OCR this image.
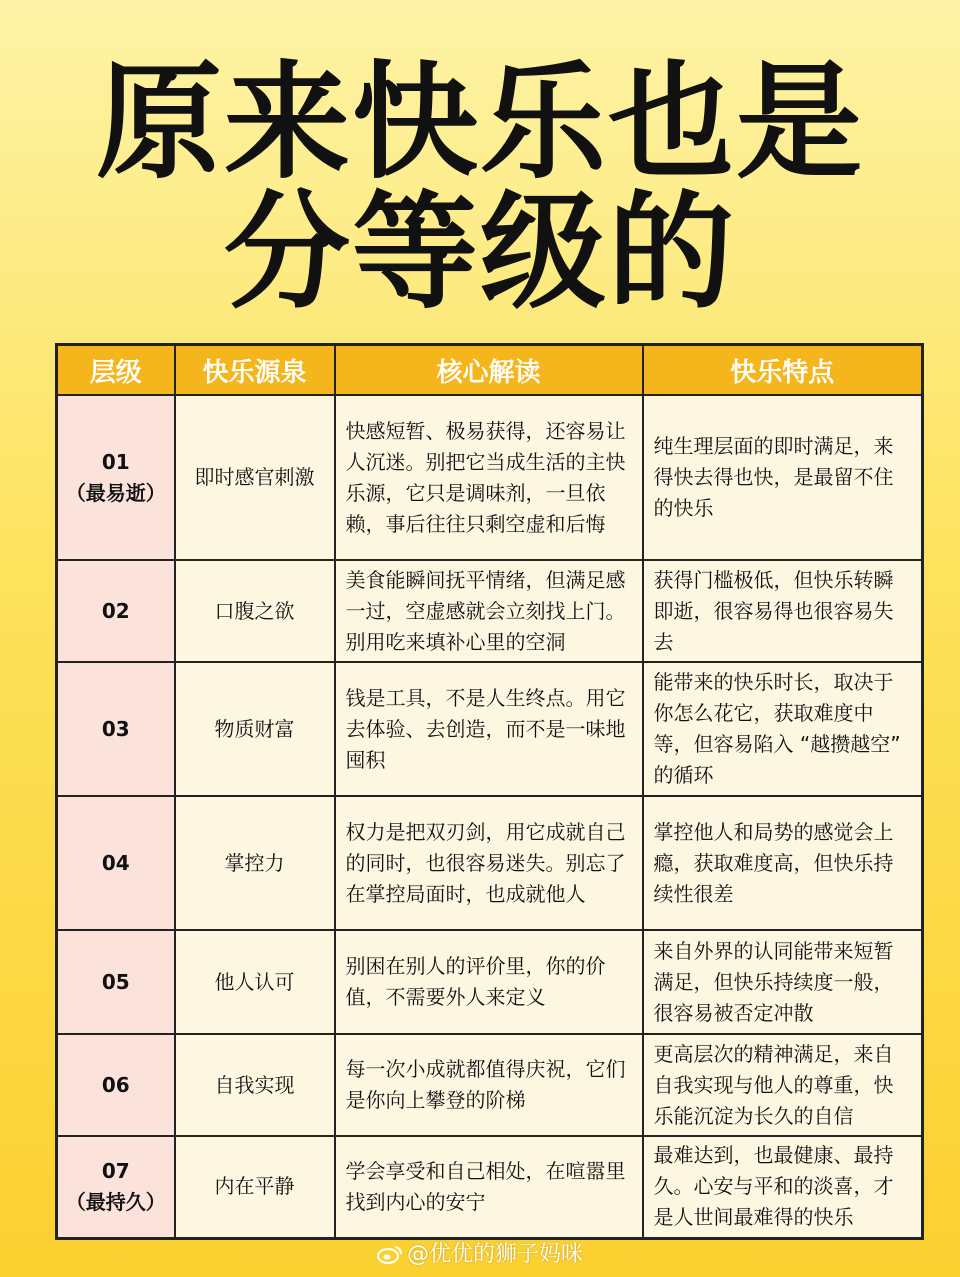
原来快乐也是
分等级的
层级	快乐源泉	核心解读	快乐特点

01
（最易逝）	即时感官刺激	快感短暂、极易获得，还容易让人沉迷。别把它当成生活的主快乐源，它只是调味剂，一旦依赖，事后往往只剩空虚和后悔	纯生理层面的即时满足，来得快去得也快，是最留不住的快乐

02	口腹之欲	美食能瞬间抚平情绪，但满足感一过，空虚感就会立刻找上门。别用吃来填补心里的空洞	获得门槛极低，但快乐转瞬即逝，很容易得也很容易失去

03	物质财富	钱是工具，不是人生终点。用它去体验、去创造，而不是一味地囤积	能带来的快乐时长，取决于你怎么花它，获取难度中等，但容易陷入 “越攒越空” 的循环

04	掌控力	权力是把双刃剑，用它成就自己的同时，也很容易迷失。别忘了在掌控局面时，也成就他人	掌控他人和局势的感觉会上瘾，获取难度高，但快乐持续性很差

05	他人认可	别困在别人的评价里，你的价值，不需要外人来定义	来自外界的认同能带来短暂满足，但快乐持续度一般，很容易被否定冲散

06	自我实现	每一次小成就都值得庆祝，它们是你向上攀登的阶梯	更高层次的精神满足，来自自我实现与他人的尊重，快乐能沉淀为长久的自信

07
（最持久）	内在平静	学会享受和自己相处，在喧嚣里找到内心的安宁	最难达到，也最健康、最持久。心安与平和的淡喜，才是人世间最难得的快乐
@优优的狮子妈咪
